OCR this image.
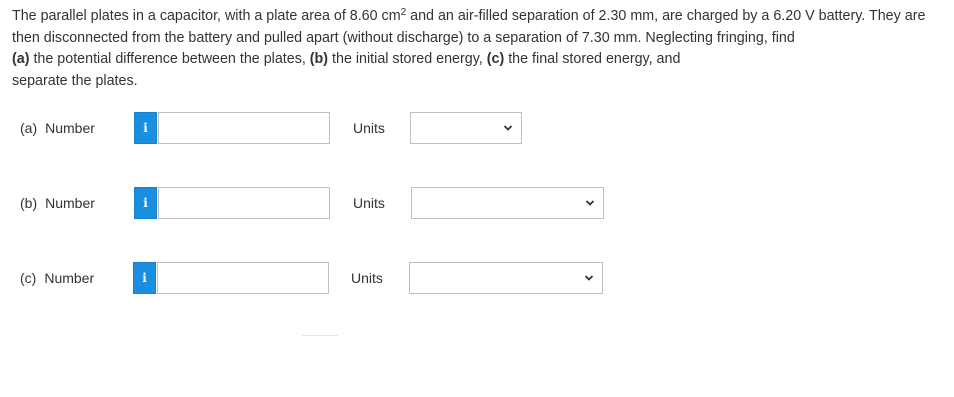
The parallel plates in a capacitor, with a plate area of 8.60 $cm^2$ and an air-filled separation of 2.30 mm, are charged by a 6.20 V battery. They are then disconnected from the battery and pulled apart (without discharge) to a separation of 7.30 mm. Neglecting fringing, find
(a) the potential difference between the plates, (b) the initial stored energy, (c) the final stored energy, and
separate the plates.
(a) Number	i	Units
(b) Number	i	Units
(c) Number	i	Units
